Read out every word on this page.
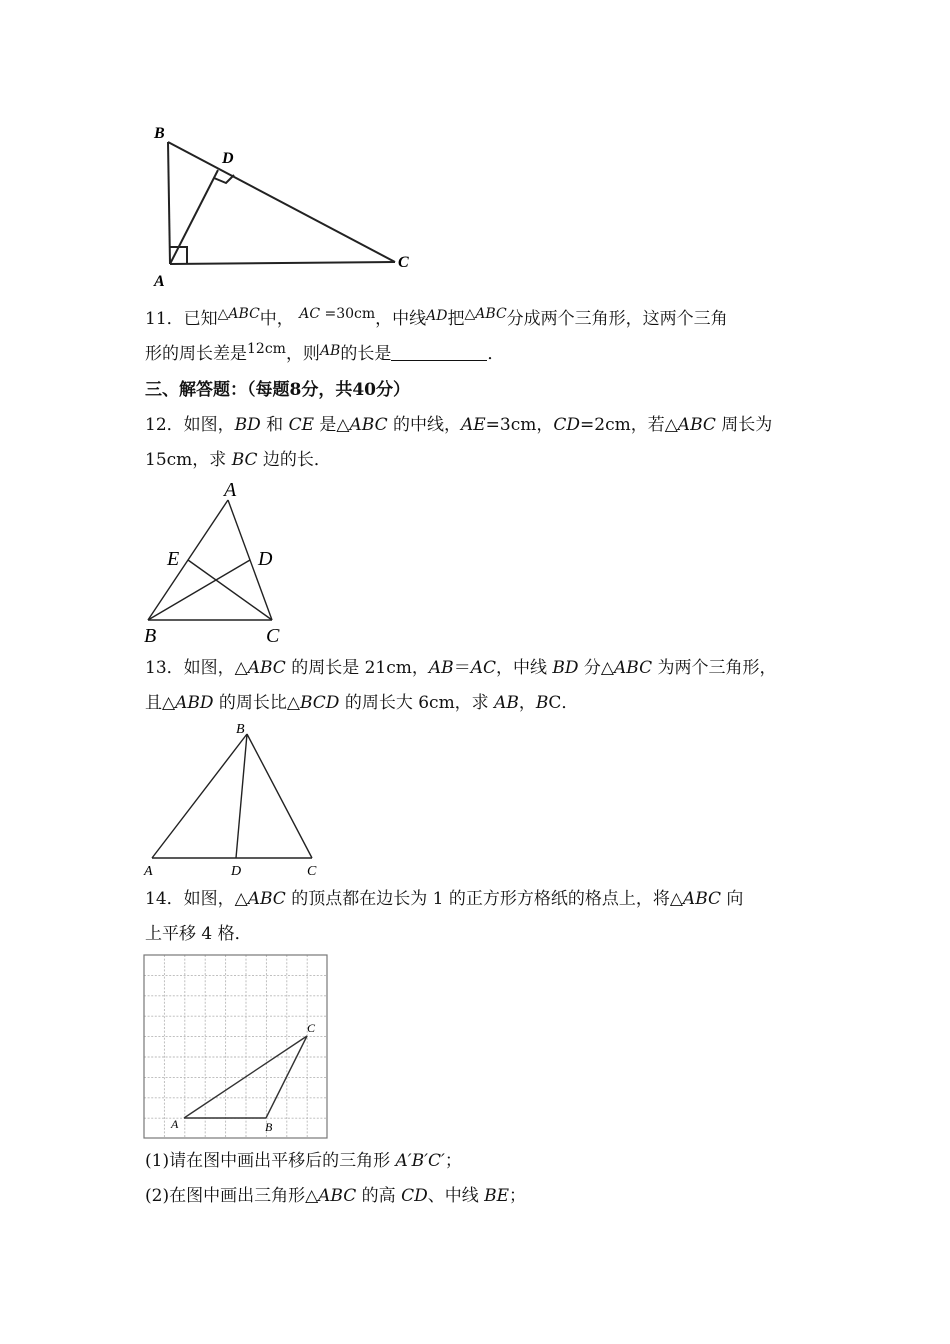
B
D
A
C
11．已知$^{\triangle ABC}$中， $^{AC =30cm}$，中线$^{AD}$把$^{\triangle ABC}$分成两个三角形，这两个三角
形的周长差是$^{12cm}$，则$^{AB}$的长是	．
三、解答题：（每题8分，共40分）
12．如图，BD 和 CE 是△ABC 的中线，AE=3cm，CD=2cm，若△ABC 周长为
15cm，求 BC 边的长．
A
E	D
B	C
13．如图，△ABC 的周长是 21cm，AB＝AC，中线 BD 分△ABC 为两个三角形，
且△ABD 的周长比△BCD 的周长大 6cm，求 AB，BC．
B
A	D	C
14．如图，△ABC 的顶点都在边长为 1 的正方形方格纸的格点上，将△ABC 向
上平移 4 格．
A	B
C
(1)请在图中画出平移后的三角形 A′B′C′；
(2)在图中画出三角形△ABC 的高 CD、中线 BE；
